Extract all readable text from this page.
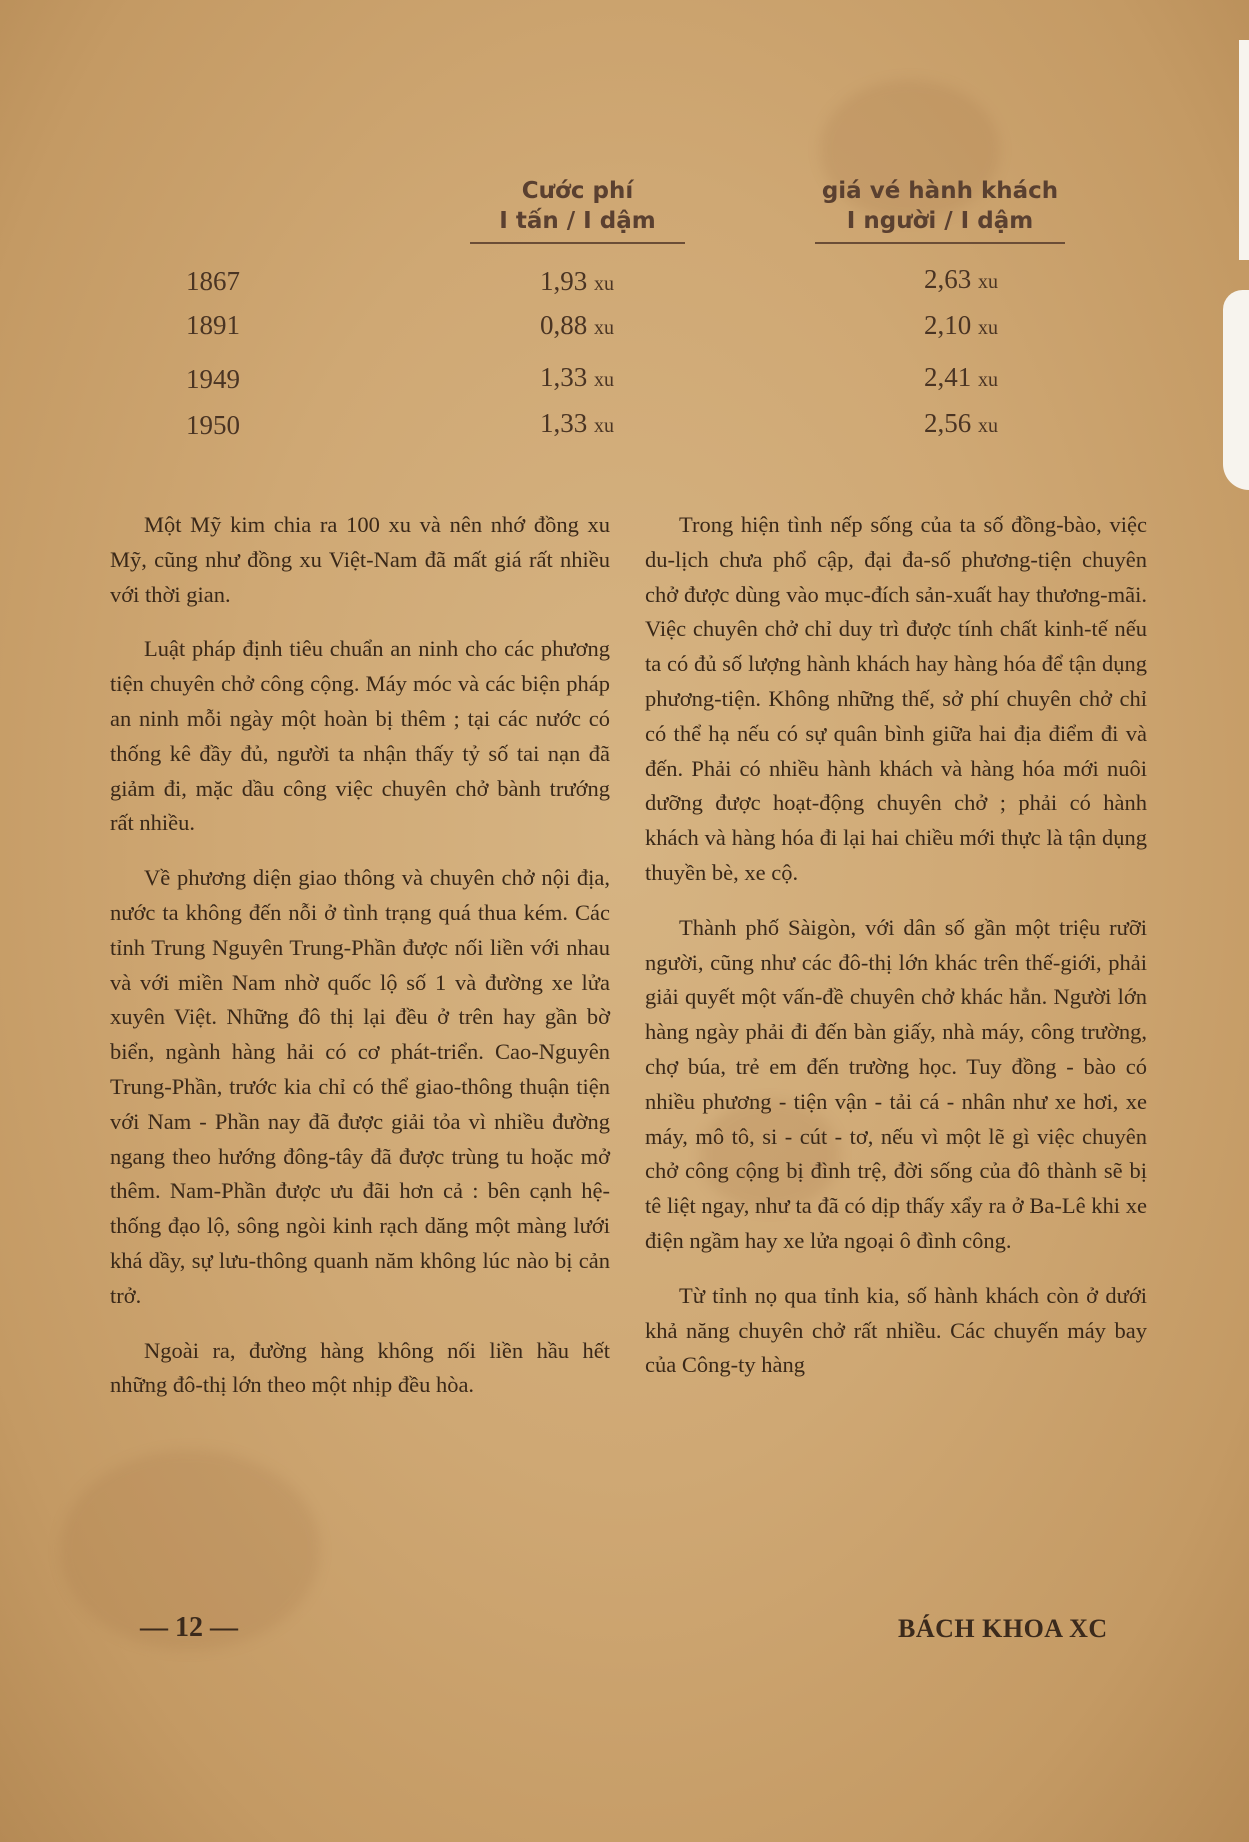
Cước phí
I tấn / I dậm
giá vé hành khách
I người / I dậm
1867	1,93 xu	2,63 xu
1891	0,88 xu	2,10 xu
1949	1,33 xu	2,41 xu
1950	1,33 xu	2,56 xu

Một Mỹ kim chia ra 100 xu và nên nhớ đồng xu Mỹ, cũng như đồng xu Việt-Nam đã mất giá rất nhiều với thời gian.

Luật pháp định tiêu chuẩn an ninh cho các phương tiện chuyên chở công cộng. Máy móc và các biện pháp an ninh mỗi ngày một hoàn bị thêm ; tại các nước có thống kê đầy đủ, người ta nhận thấy tỷ số tai nạn đã giảm đi, mặc dầu công việc chuyên chở bành trướng rất nhiều.

Về phương diện giao thông và chuyên chở nội địa, nước ta không đến nỗi ở tình trạng quá thua kém. Các tỉnh Trung Nguyên Trung-Phần được nối liền với nhau và với miền Nam nhờ quốc lộ số 1 và đường xe lửa xuyên Việt. Những đô thị lại đều ở trên hay gần bờ biển, ngành hàng hải có cơ phát-triển. Cao-Nguyên Trung-Phần, trước kia chỉ có thể giao-thông thuận tiện với Nam - Phần nay đã được giải tỏa vì nhiều đường ngang theo hướng đông-tây đã được trùng tu hoặc mở thêm. Nam-Phần được ưu đãi hơn cả : bên cạnh hệ-thống đạo lộ, sông ngòi kinh rạch dăng một màng lưới khá dầy, sự lưu-thông quanh năm không lúc nào bị cản trở.

Ngoài ra, đường hàng không nối liền hầu hết những đô-thị lớn theo một nhịp đều hòa.

Trong hiện tình nếp sống của ta số đồng-bào, việc du-lịch chưa phổ cập, đại đa-số phương-tiện chuyên chở được dùng vào mục-đích sản-xuất hay thương-mãi. Việc chuyên chở chỉ duy trì được tính chất kinh-tế nếu ta có đủ số lượng hành khách hay hàng hóa để tận dụng phương-tiện. Không những thế, sở phí chuyên chở chỉ có thể hạ nếu có sự quân bình giữa hai địa điểm đi và đến. Phải có nhiều hành khách và hàng hóa mới nuôi dưỡng được hoạt-động chuyên chở ; phải có hành khách và hàng hóa đi lại hai chiều mới thực là tận dụng thuyền bè, xe cộ.

Thành phố Sàigòn, với dân số gần một triệu rưỡi người, cũng như các đô-thị lớn khác trên thế-giới, phải giải quyết một vấn-đề chuyên chở khác hẳn. Người lớn hàng ngày phải đi đến bàn giấy, nhà máy, công trường, chợ búa, trẻ em đến trường học. Tuy đồng - bào có nhiều phương - tiện vận - tải cá - nhân như xe hơi, xe máy, mô tô, si - cút - tơ, nếu vì một lẽ gì việc chuyên chở công cộng bị đình trệ, đời sống của đô thành sẽ bị tê liệt ngay, như ta đã có dịp thấy xẩy ra ở Ba-Lê khi xe điện ngầm hay xe lửa ngoại ô đình công.

Từ tỉnh nọ qua tỉnh kia, số hành khách còn ở dưới khả năng chuyên chở rất nhiều. Các chuyến máy bay của Công-ty hàng

— 12 —	BÁCH KHOA XC
